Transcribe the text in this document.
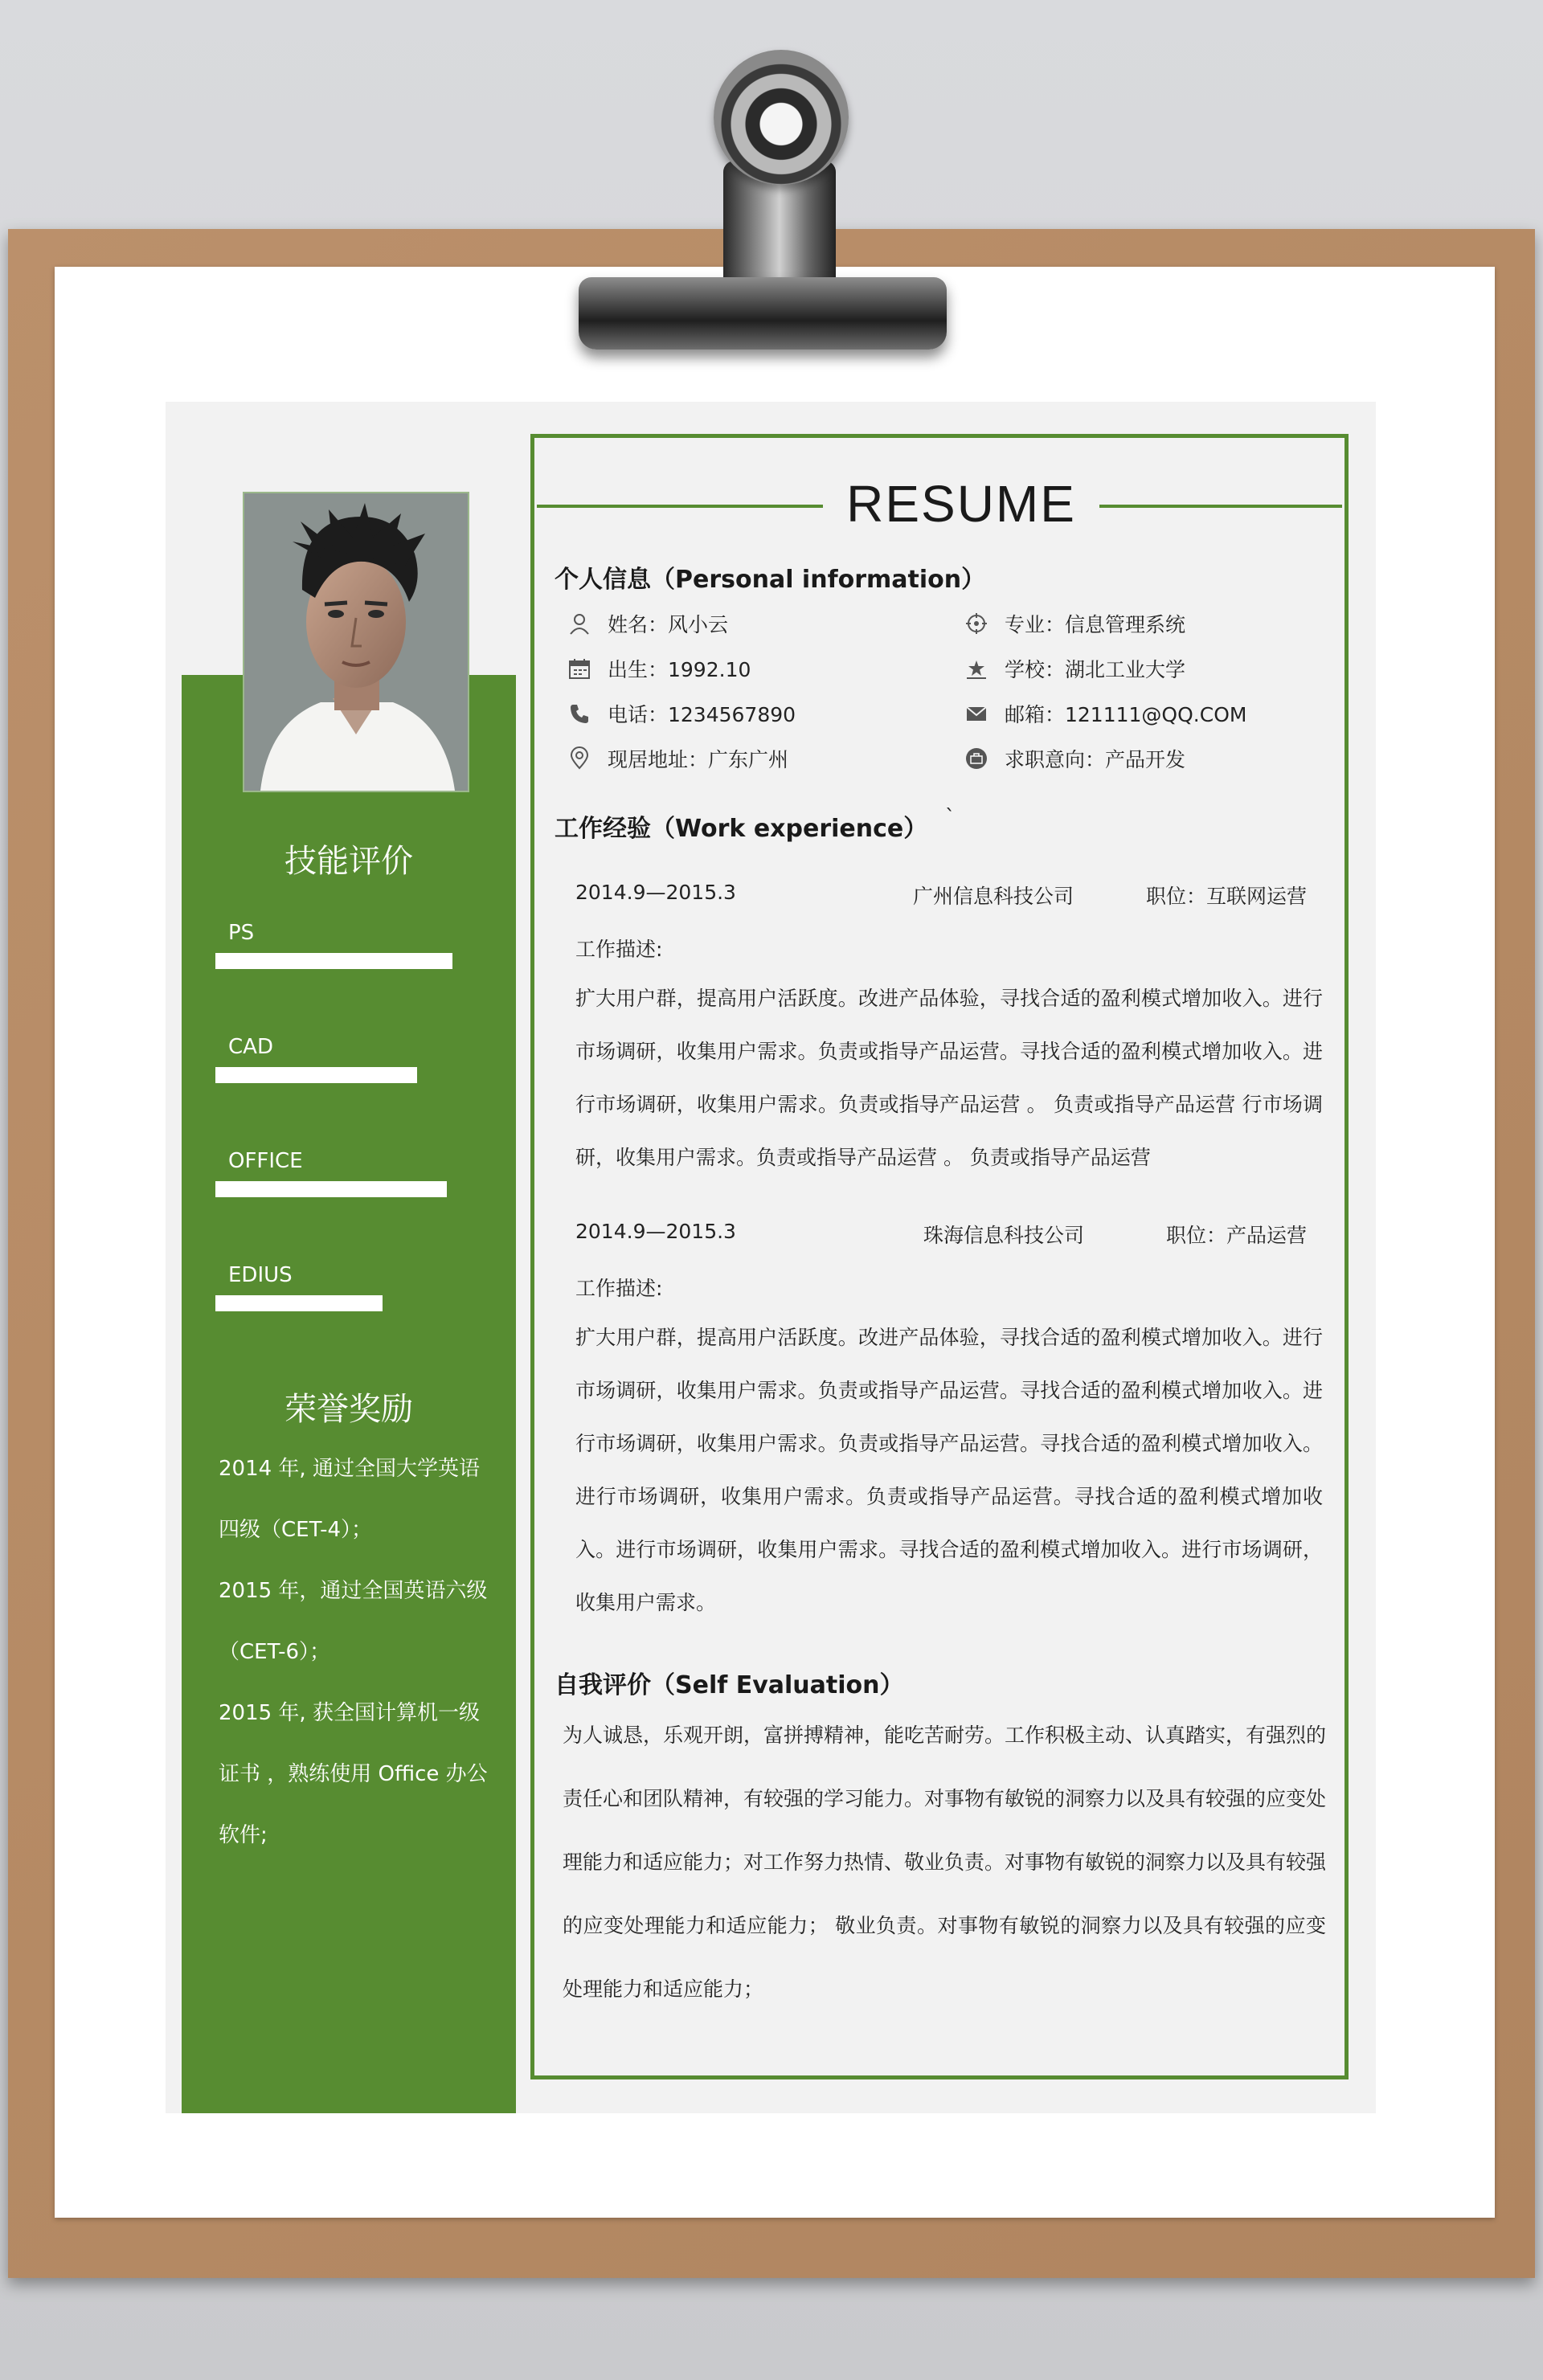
技能评价
PS
CAD
OFFICE
EDIUS
荣誉奖励
2014 年, 通过全国大学英语四级（CET-4）；
2015 年，通过全国英语六级（CET-6）；
2015 年, 获全国计算机一级证书 ，熟练使用 Office 办公软件;
RESUME
个人信息（Personal information）
姓名：风小云	专业：信息管理系统
出生：1992.10	学校：湖北工业大学
电话：1234567890	邮箱：121111@QQ.COM
现居地址：广东广州	求职意向：产品开发
工作经验（Work experience） `
2014.9—2015.3	广州信息科技公司	职位：互联网运营
工作描述:
扩大用户群，提高用户活跃度。改进产品体验，寻找合适的盈利模式增加收入。进行市场调研，收集用户需求。负责或指导产品运营。寻找合适的盈利模式增加收入。进行市场调研，收集用户需求。负责或指导产品运营 。 负责或指导产品运营 行市场调研，收集用户需求。负责或指导产品运营 。 负责或指导产品运营
2014.9—2015.3	珠海信息科技公司	职位：产品运营
工作描述:
扩大用户群，提高用户活跃度。改进产品体验，寻找合适的盈利模式增加收入。进行市场调研，收集用户需求。负责或指导产品运营。寻找合适的盈利模式增加收入。进行市场调研，收集用户需求。负责或指导产品运营。寻找合适的盈利模式增加收入。进行市场调研，收集用户需求。负责或指导产品运营。寻找合适的盈利模式增加收入。进行市场调研，收集用户需求。寻找合适的盈利模式增加收入。进行市场调研，收集用户需求。
自我评价（Self Evaluation）
为人诚恳，乐观开朗，富拼搏精神，能吃苦耐劳。工作积极主动、认真踏实，有强烈的责任心和团队精神，有较强的学习能力。对事物有敏锐的洞察力以及具有较强的应变处理能力和适应能力；对工作努力热情、敬业负责。对事物有敏锐的洞察力以及具有较强的应变处理能力和适应能力； 敬业负责。对事物有敏锐的洞察力以及具有较强的应变处理能力和适应能力；
